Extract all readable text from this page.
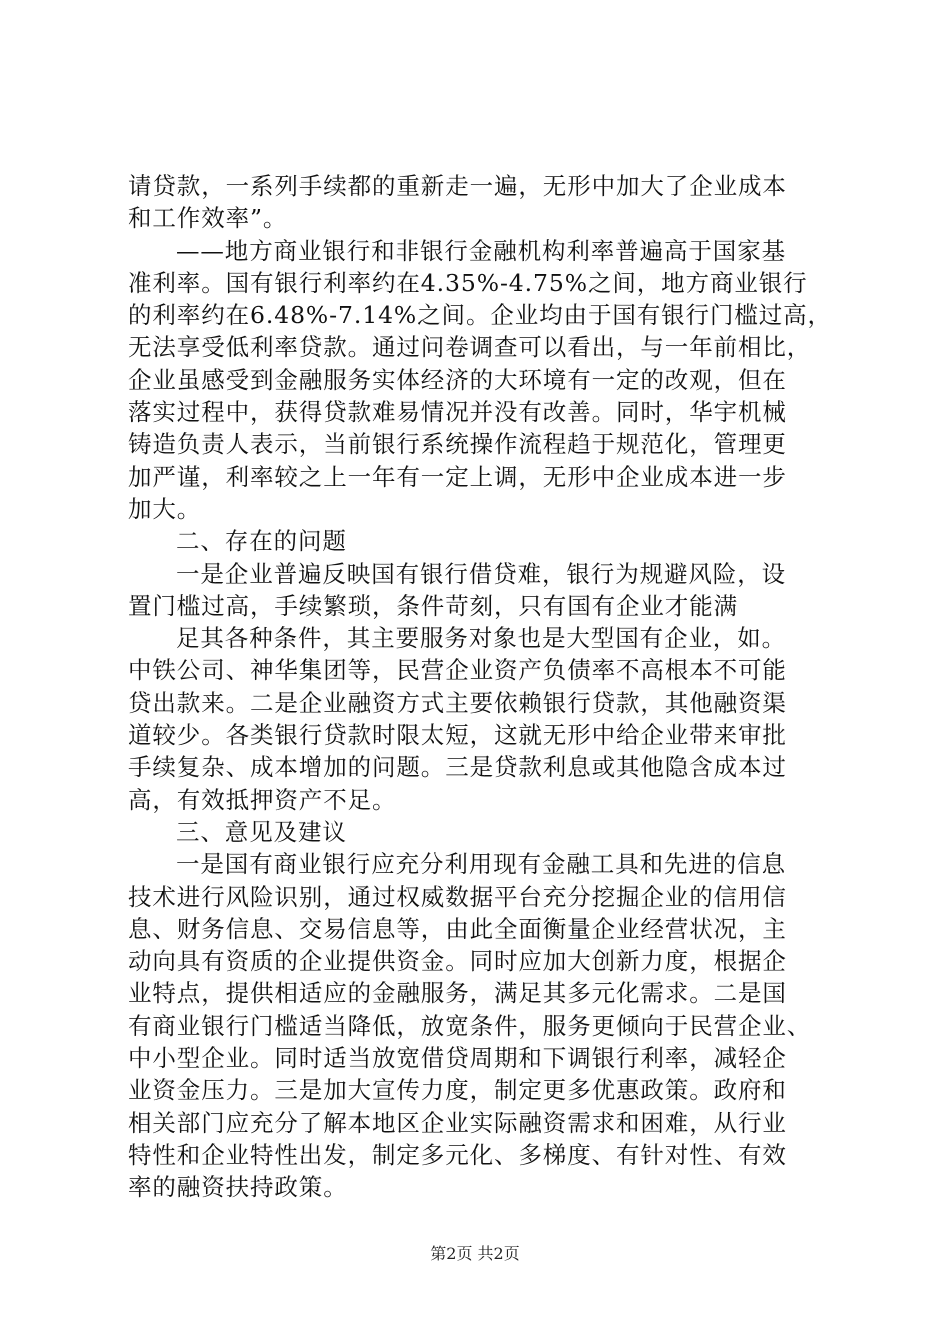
请贷款，一系列手续都的重新走一遍，无形中加大了企业成本
和工作效率”。
——地方商业银行和非银行金融机构利率普遍高于国家基
准利率。国有银行利率约在4.35%-4.75%之间，地方商业银行
的利率约在6.48%-7.14%之间。企业均由于国有银行门槛过高，
无法享受低利率贷款。通过问卷调查可以看出，与一年前相比，
企业虽感受到金融服务实体经济的大环境有一定的改观，但在
落实过程中，获得贷款难易情况并没有改善。同时，华宇机械
铸造负责人表示，当前银行系统操作流程趋于规范化，管理更
加严谨，利率较之上一年有一定上调，无形中企业成本进一步
加大。
二、存在的问题
一是企业普遍反映国有银行借贷难，银行为规避风险，设
置门槛过高，手续繁琐，条件苛刻，只有国有企业才能满
足其各种条件，其主要服务对象也是大型国有企业，如。
中铁公司、神华集团等，民营企业资产负债率不高根本不可能
贷出款来。二是企业融资方式主要依赖银行贷款，其他融资渠
道较少。各类银行贷款时限太短，这就无形中给企业带来审批
手续复杂、成本增加的问题。三是贷款利息或其他隐含成本过
高，有效抵押资产不足。
三、意见及建议
一是国有商业银行应充分利用现有金融工具和先进的信息
技术进行风险识别，通过权威数据平台充分挖掘企业的信用信
息、财务信息、交易信息等，由此全面衡量企业经营状况，主
动向具有资质的企业提供资金。同时应加大创新力度，根据企
业特点，提供相适应的金融服务，满足其多元化需求。二是国
有商业银行门槛适当降低，放宽条件，服务更倾向于民营企业、
中小型企业。同时适当放宽借贷周期和下调银行利率，减轻企
业资金压力。三是加大宣传力度，制定更多优惠政策。政府和
相关部门应充分了解本地区企业实际融资需求和困难，从行业
特性和企业特性出发，制定多元化、多梯度、有针对性、有效
率的融资扶持政策。
第2页 共2页
